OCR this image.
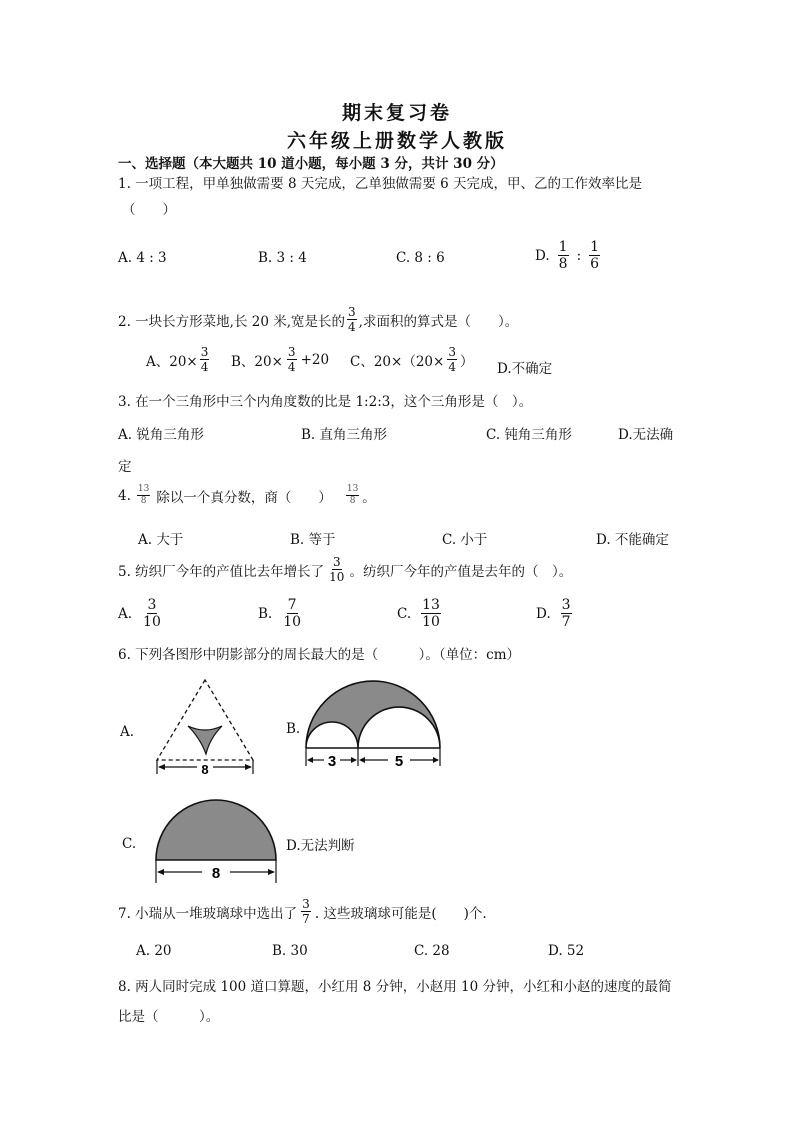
期末复习卷
六年级上册数学人教版
一、选择题（本大题共 10 道小题，每小题 3 分，共计 30 分）
1. 一项工程，甲单独做需要 8 天完成，乙单独做需要 6 天完成，甲、乙的工作效率比是
（　　）
A. 4 : 3	B. 3 : 4	C. 8 : 6	D. $\frac{1}{8}$ : $\frac{1}{6}$
2. 一块长方形菜地,长 20 米,宽是长的 $\frac{3}{4}$ ,求面积的算式是（　　）。
A、$20\times \frac{3}{4}$ B、$20\times \frac{3}{4} +20$ C、$20\times(20\times \frac{3}{4}$ ） D.不确定
3. 在一个三角形中三个内角度数的比是 1:2:3，这个三角形是（　）。
A. 锐角三角形	B. 直角三角形	C. 钝角三角形	D.无法确
定
4. $\frac{13}{8}$ 除以一个真分数，商（　　） $\frac{13}{8}$ 。
A. 大于	B. 等于	C. 小于	D. 不能确定
5. 纺织厂今年的产值比去年增长了 $\frac{3}{10}$ 。纺织厂今年的产值是去年的（　）。
A. $\frac{3}{10}$	B. $\frac{7}{10}$	C. $\frac{13}{10}$	D. $\frac{3}{7}$
6. 下列各图形中阴影部分的周长最大的是（　　　）。（单位：cm）
A.	B.
C.	D.无法判断
8	3	5
8
7. 小瑞从一堆玻璃球中选出了 $\frac{3}{7}$ . 这些玻璃球可能是(　　)个.
A. 20	B. 30	C. 28	D. 52
8. 两人同时完成 100 道口算题，小红用 8 分钟，小赵用 10 分钟，小红和小赵的速度的最简
比是（　　　）。
